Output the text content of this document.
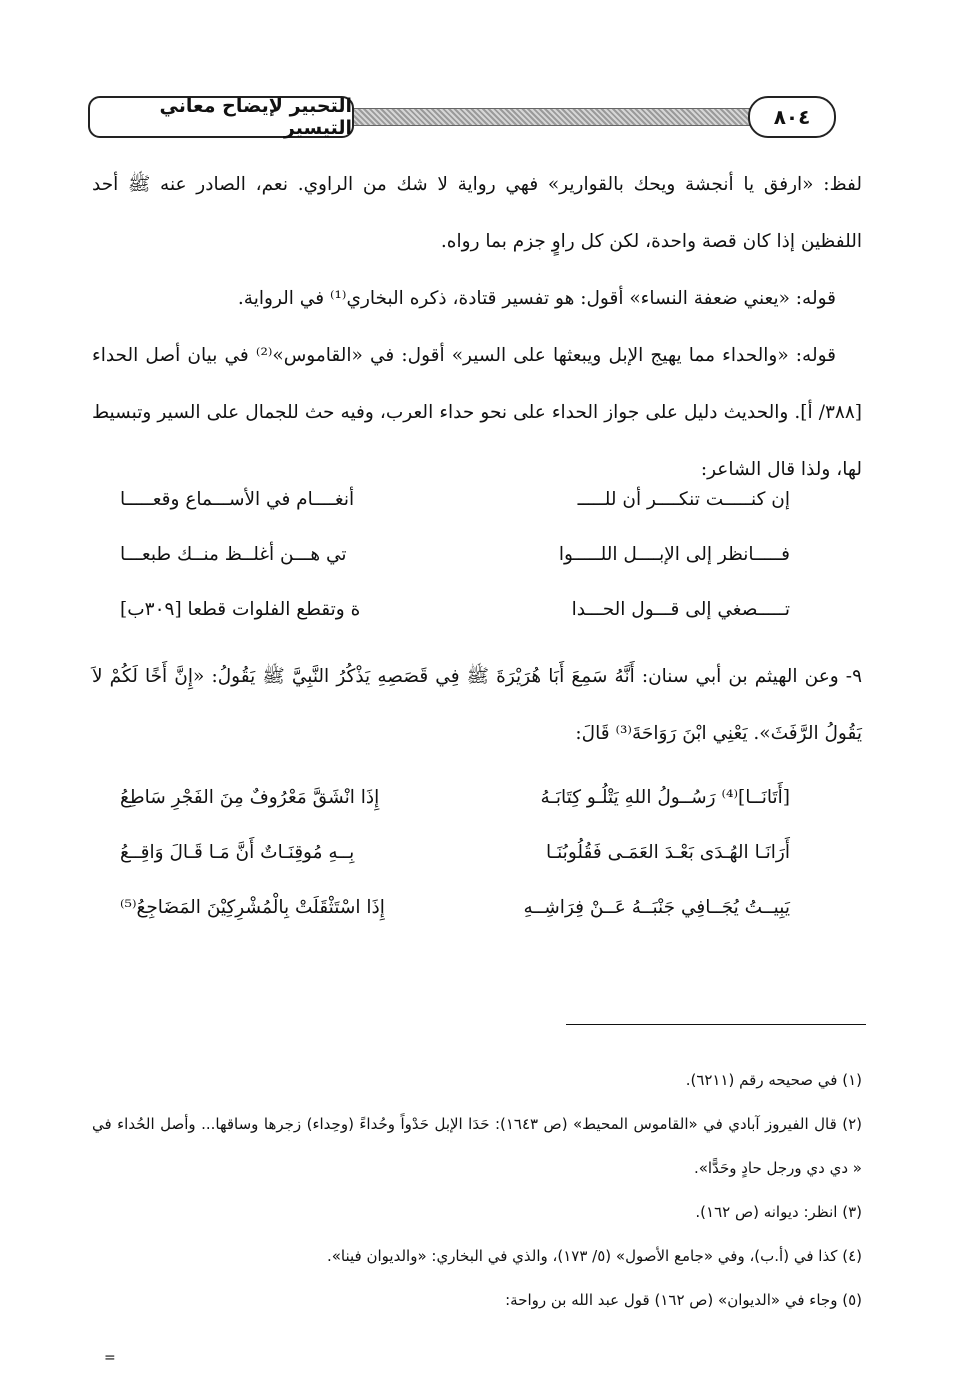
التحبير لإيضاح معاني التيسير	٨٠٤

لفظ: «ارفق يا أنجشة ويحك بالقوارير» فهي رواية لا شك من الراوي. نعم، الصادر عنه ﷺ أحد اللفظين إذا كان قصة واحدة، لكن كل راوٍ جزم بما رواه.

قوله: «يعني ضعفة النساء» أقول: هو تفسير قتادة، ذكره البخاري⁽¹⁾ في الرواية.

قوله: «والحداء مما يهيج الإبل ويبعثها على السير» أقول: في «القاموس»⁽²⁾ في بيان أصل الحداء [٣٨٨/ أ]. والحديث دليل على جواز الحداء على نحو حداء العرب، وفيه حث للجمال على السير وتبسيط لها، ولذا قال الشاعر:

إن كنـــــت تنكــــر أن للـــــ
أنغــــام في الأســـماع وقعـــــا
فـــــانظر إلى الإبــــل اللـــــوا
تي هـــن أغلــظ منــك طبعـــا
تـــــصغي إلى قـــول الحـــدا
ة وتقطع الفلوات قطعا [٣٠٩ب]

٩- وعن الهيثم بن أبي سنان: أَنَّهُ سَمِعَ أَبَا هُرَيْرَةَ ﷺ فِي قَصَصِهِ يَذْكُرُ النَّبِيَّ ﷺ يَقُولُ: «إِنَّ أَخًا لَكُمْ لاَ يَقُولُ الرَّفَثَ». يَعْنِي ابْنَ رَوَاحَةَ⁽³⁾ قَالَ:

[أَتَانَــا]⁽⁴⁾ رَسُــولُ اللهِ يَتْلُـو كِتَابَـهُ
إِذَا انْشَقَّ مَعْرُوفٌ مِنَ الفَجْرِ سَاطِعُ
أَرَانَـا الهُـدَى بَعْـدَ العَمَـى فَقُلُوبُنَـا
بِــهِ مُوقِنَـاتٌ أَنَّ مَـا قَـالَ وَاقِــعُ
يَبِيــتُ يُجَــافِي جَنْبَــهُ عَــنْ فِرَاشِــهِ
إِذَا اسْتَثْقَلَتْ بِالْمُشْرِكِيْنَ المَضَاجِعُ⁽⁵⁾

(١) في صحيحه رقم (٦٢١١).

(٢) قال الفيروز آبادي في «القاموس المحيط» (ص ١٦٤٣): حَدَا الإبل حَدْواً وحُداءً (وحِداء) زجرها وساقها... وأصل الحُداء في « دي دي ورجل حادٍ وحَدًّا».

(٣) انظر: ديوانه (ص ١٦٢).

(٤) كذا في (أ.ب)، وفي «جامع الأصول» (٥/ ١٧٣)، والذي في البخاري: «والديوان فينا».

(٥) وجاء في «الديوان» (ص ١٦٢) قول عبد الله بن رواحة:

=
